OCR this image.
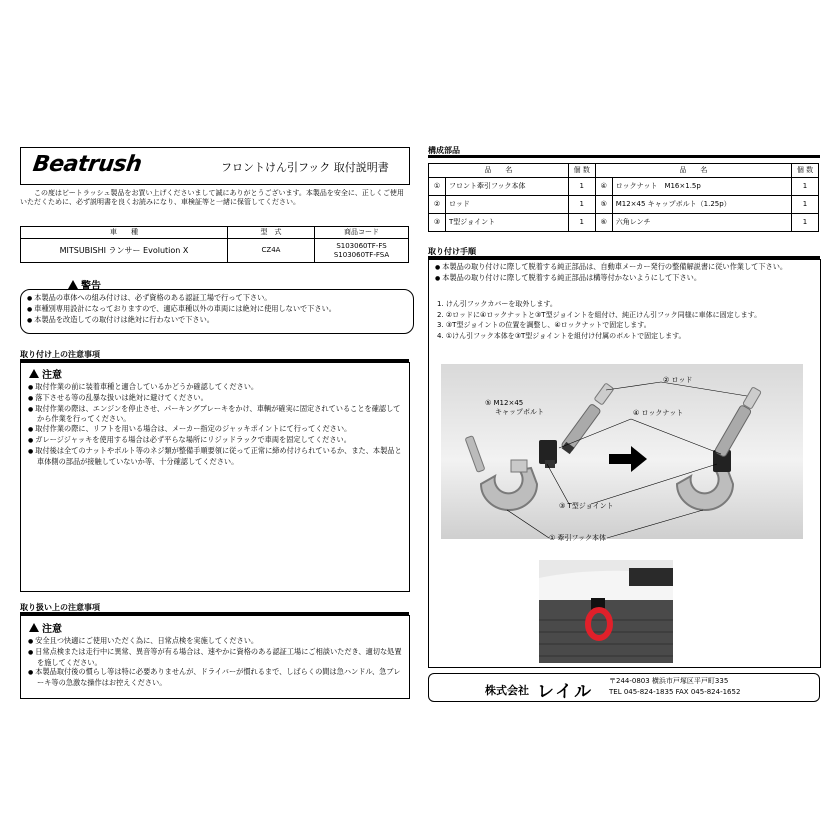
Beatrush	フロントけん引フック 取付説明書
この度はビートラッシュ製品をお買い上げくださいまして誠にありがとうございます。本製品を安全に、正しくご使用いただくために、必ず説明書を良くお読みになり、車検証等と一緒に保管してください。
車　　種	型　式	商品コード
MITSUBISHI ランサー Evolution Ⅹ	CZ4A	S103060TF-FS
S103060TF-FSA
警告
● 本製品の車体への組み付けは、必ず資格のある認証工場で行って下さい。
● 車種別専用設計になっておりますので、適応車種以外の車両には絶対に使用しないで下さい。
● 本製品を改造しての取付けは絶対に行わないで下さい。
取り付け上の注意事項
注意
● 取付作業の前に装着車種と適合しているかどうか確認してください。
● 落下させる等の乱暴な扱いは絶対に避けてください。
● 取付作業の際は、エンジンを停止させ、パーキングブレーキをかけ、車輌が確実に固定されていることを確認してから作業を行ってください。
● 取付作業の際に、リフトを用いる場合は、メーカー指定のジャッキポイントにて行ってください。
● ガレージジャッキを使用する場合は必ず平らな場所にリジッドラックで車両を固定してください。
● 取付後は全てのナットやボルト等のネジ類が整備手順要領に従って正常に締め付けられているか、また、本製品と車体側の部品が接触していないか等、十分確認してください。
取り扱い上の注意事項
注意
● 安全且つ快適にご使用いただく為に、日常点検を実施してください。
● 日常点検または走行中に異常、異音等が有る場合は、速やかに資格のある認証工場にご相談いただき、適切な処置を施してください。
● 本製品取付後の慣らし等は特に必要ありませんが、ドライバーが慣れるまで、しばらくの間は急ハンドル、急ブレーキ等の急激な操作はお控えください。
構成部品
品　　名		個 数	品　　名		個 数
①	フロント牽引フック本体	1	④	ロックナット　M16×1.5p	1
②	ロッド	1	⑤	M12×45 キャップボルト（1.25p）	1
③	T型ジョイント	1	⑥	六角レンチ	1
取り付け手順
● 本製品の取り付けに際して脱着する純正部品は、自動車メーカー発行の整備解説書に従い作業して下さい。
● 本製品の取り付けに際して脱着する純正部品は構等付かないようにして下さい。
1. けん引フックカバーを取外します。
2. ②ロッドに④ロックナットと③T型ジョイントを組付け、純正けん引フック同様に車体に固定します。
3. ③T型ジョイントの位置を調整し、④ロックナットで固定します。
4. ①けん引フック本体を③T型ジョイントを組付け付属のボルトで固定します。
② ロッド
④ ロックナット
⑤ M12×45
キャップボルト
③ T型ジョイント
① 牽引フック本体
株式会社 レイル
〒244-0803 横浜市戸塚区平戸町335
TEL 045-824-1835 FAX 045-824-1652
